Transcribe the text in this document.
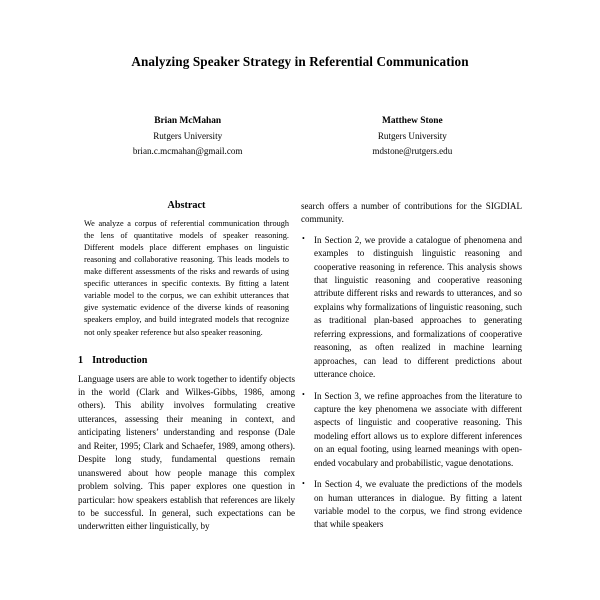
Analyzing Speaker Strategy in Referential Communication
Brian McMahan
Rutgers University
brian.c.mcmahan@gmail.com
Matthew Stone
Rutgers University
mdstone@rutgers.edu
Abstract

We analyze a corpus of referential communication through the lens of quantitative models of speaker reasoning. Different models place different emphases on linguistic reasoning and collaborative reasoning. This leads models to make different assessments of the risks and rewards of using specific utterances in specific contexts. By fitting a latent variable model to the corpus, we can exhibit utterances that give systematic evidence of the diverse kinds of reasoning speakers employ, and build integrated models that recognize not only speaker reference but also speaker reasoning.

1 Introduction

Language users are able to work together to identify objects in the world (Clark and Wilkes-Gibbs, 1986, among others). This ability involves formulating creative utterances, assessing their meaning in context, and anticipating listeners’ understanding and response (Dale and Reiter, 1995; Clark and Schaefer, 1989, among others). Despite long study, fundamental questions remain unanswered about how people manage this complex problem solving. This paper explores one question in particular: how speakers establish that references are likely to be successful. In general, such expectations can be underwritten either linguistically, by

search offers a number of contributions for the SIGDIAL community.

• In Section 2, we provide a catalogue of phenomena and examples to distinguish linguistic reasoning and cooperative reasoning in reference. This analysis shows that linguistic reasoning and cooperative reasoning attribute different risks and rewards to utterances, and so explains why formalizations of linguistic reasoning, such as traditional plan-based approaches to generating referring expressions, and formalizations of cooperative reasoning, as often realized in machine learning approaches, can lead to different predictions about utterance choice.
• In Section 3, we refine approaches from the literature to capture the key phenomena we associate with different aspects of linguistic and cooperative reasoning. This modeling effort allows us to explore different inferences on an equal footing, using learned meanings with open-ended vocabulary and probabilistic, vague denotations.
• In Section 4, we evaluate the predictions of the models on human utterances in dialogue. By fitting a latent variable model to the corpus, we find strong evidence that while speakers
